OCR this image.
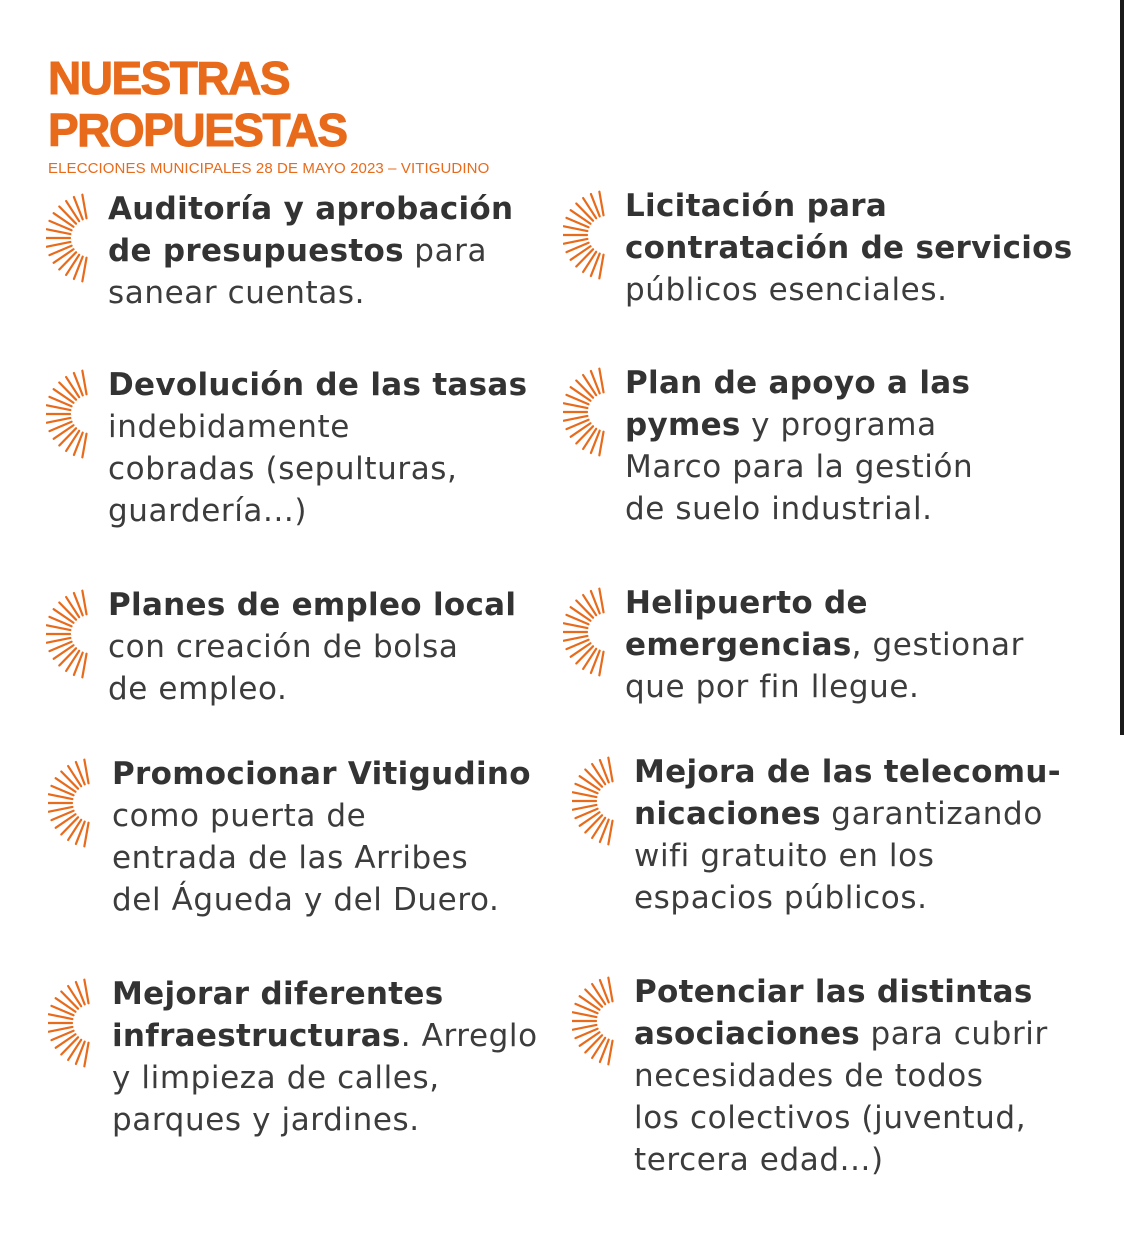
NUESTRAS
PROPUESTAS
ELECCIONES MUNICIPALES 28 DE MAYO 2023 – VITIGUDINO
Auditoría y aprobación
de presupuestos para
sanear cuentas.
Licitación para
contratación de servicios
públicos esenciales.
Devolución de las tasas
indebidamente
cobradas (sepulturas,
guardería...)
Plan de apoyo a las
pymes y programa
Marco para la gestión
de suelo industrial.
Planes de empleo local
con creación de bolsa
de empleo.
Helipuerto de
emergencias, gestionar
que por fin llegue.
Promocionar Vitigudino
como puerta de
entrada de las Arribes
del Águeda y del Duero.
Mejora de las telecomu-
nicaciones garantizando
wifi gratuito en los
espacios públicos.
Mejorar diferentes
infraestructuras. Arreglo
y limpieza de calles,
parques y jardines.
Potenciar las distintas
asociaciones para cubrir
necesidades de todos
los colectivos (juventud,
tercera edad...)
